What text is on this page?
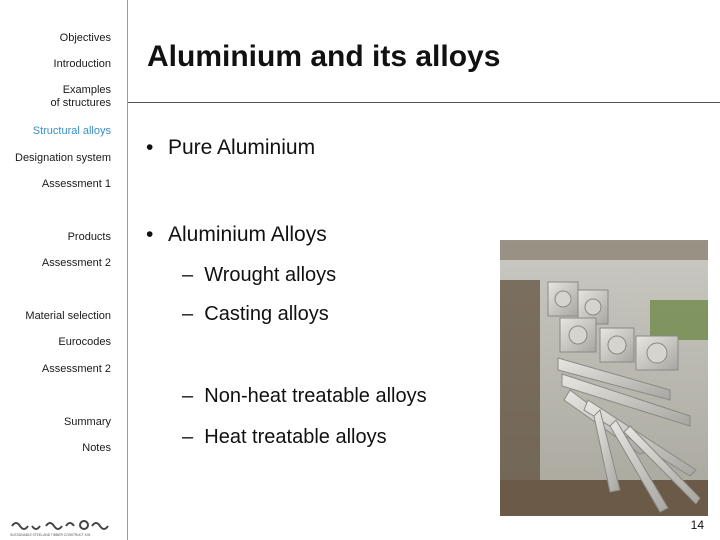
Objectives
Introduction
Examples
of structures
Structural alloys
Designation system
Assessment 1
Products
Assessment 2
Material selection
Eurocodes
Assessment 2
Summary
Notes
SUSTAINABLE STEEL AND TIMBER CONSTRUCT ION
Aluminium and its alloys
• Pure Aluminium
• Aluminium Alloys
– Wrought alloys
– Casting alloys
– Non-heat treatable alloys
– Heat treatable alloys
14
